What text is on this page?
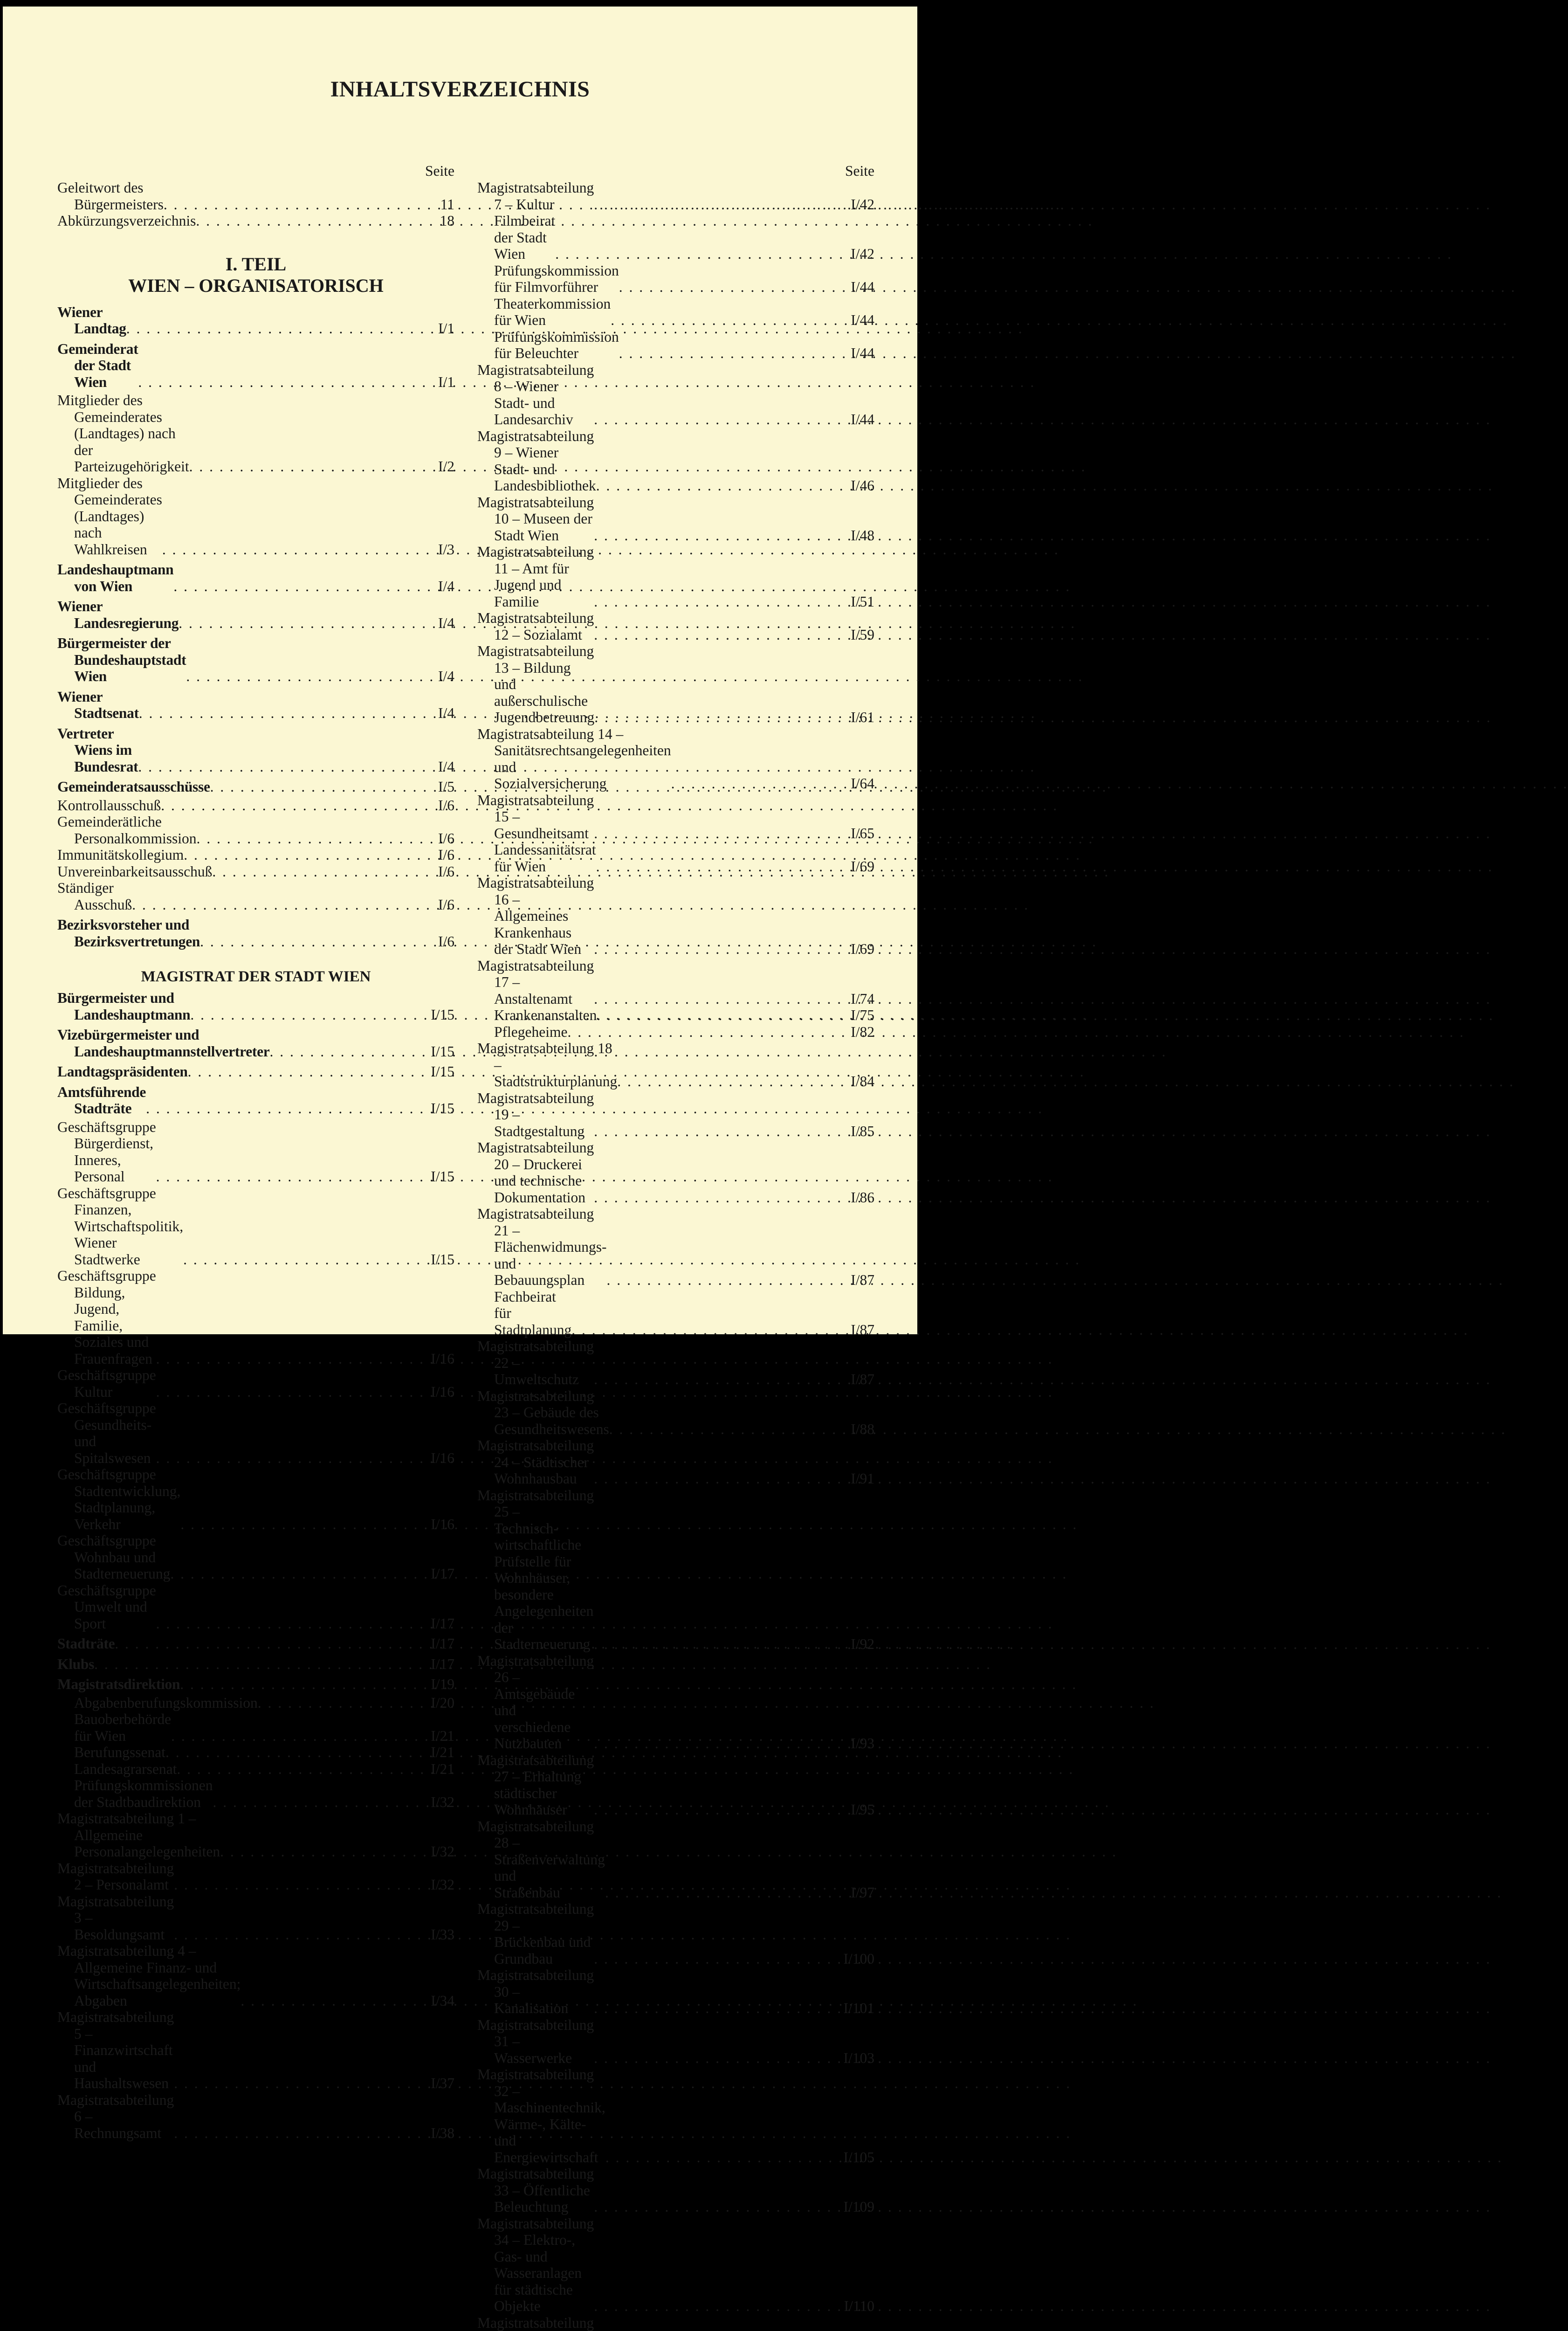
INHALTSVERZEICHNIS
Seite
Geleitwort des Bürgermeisters . . .	11
Abkürzungsverzeichnis . . .	18
I. TEIL
WIEN – ORGANISATORISCH
Wiener Landtag . . .	I/1
Gemeinderat der Stadt Wien . . .	I/1
Mitglieder des Gemeinderates (Landtages) nach
der Parteizugehörigkeit . . .	I/2
Mitglieder des Gemeinderates (Landtages) nach
Wahlkreisen . . .	I/3
Landeshauptmann von Wien . . .	I/4
Wiener Landesregierung . . .	I/4
Bürgermeister der Bundeshauptstadt Wien . . .	I/4
Wiener Stadtsenat . . .	I/4
Vertreter Wiens im Bundesrat . . .	I/4
Gemeinderatsausschüsse . . .	I/5
Kontrollausschuß . . .	I/6
Gemeinderätliche Personalkommission . . .	I/6
Immunitätskollegium . . .	I/6
Unvereinbarkeitsausschuß . . .	I/6
Ständiger Ausschuß . . .	I/6
Bezirksvorsteher und Bezirksvertretungen . . .	I/6
MAGISTRAT DER STADT WIEN
Bürgermeister und Landeshauptmann . . .	I/15
Vizebürgermeister und
Landeshauptmannstellvertreter . . .	I/15
Landtagspräsidenten . . .	I/15
Amtsführende Stadträte . . .	I/15
Geschäftsgruppe Bürgerdienst, Inneres, Personal . . .	I/15
Geschäftsgruppe Finanzen, Wirtschaftspolitik,
Wiener Stadtwerke . . .	I/15
Geschäftsgruppe Bildung, Jugend, Familie,
Soziales und Frauenfragen . . .	I/16
Geschäftsgruppe Kultur . . .	I/16
Geschäftsgruppe Gesundheits- und Spitalswesen . . .	I/16
Geschäftsgruppe Stadtentwicklung, Stadtplanung,
Verkehr . . .	I/16
Geschäftsgruppe Wohnbau und Stadterneuerung . . .	I/17
Geschäftsgruppe Umwelt und Sport . . .	I/17
Stadträte . . .	I/17
Klubs . . .	I/17
Magistratsdirektion . . .	I/19
Abgabenberufungskommission . . .	I/20
Bauoberbehörde für Wien . . .	I/21
Berufungssenat . . .	I/21
Landesagrarsenat . . .	I/21
Prüfungskommissionen der Stadtbaudirektion . . .	I/32
Magistratsabteilung 1 – Allgemeine
Personalangelegenheiten . . .	I/32
Magistratsabteilung 2 – Personalamt . . .	I/32
Magistratsabteilung 3 – Besoldungsamt . . .	I/33
Magistratsabteilung 4 – Allgemeine Finanz- und
Wirtschaftsangelegenheiten; Abgaben . . .	I/34
Magistratsabteilung 5 – Finanzwirtschaft und
Haushaltswesen . . .	I/37
Magistratsabteilung 6 – Rechnungsamt . . .	I/38
Seite
Magistratsabteilung 7 – Kultur . . .	I/42
Filmbeirat der Stadt Wien . . .	I/42
Prüfungskommission für Filmvorführer . . .	I/44
Theaterkommission für Wien . . .	I/44
Prüfungskommission für Beleuchter . . .	I/44
Magistratsabteilung 8 – Wiener Stadt- und
Landesarchiv . . .	I/44
Magistratsabteilung 9 – Wiener Stadt- und
Landesbibliothek . . .	I/46
Magistratsabteilung 10 – Museen der Stadt Wien . . .	I/48
Magistratsabteilung 11 – Amt für Jugend und
Familie . . .	I/51
Magistratsabteilung 12 – Sozialamt . . .	I/59
Magistratsabteilung 13 – Bildung und
außerschulische Jugendbetreuung . . .	I/61
Magistratsabteilung 14 –
Sanitätsrechtsangelegenheiten und
Sozialversicherung . . .	I/64
Magistratsabteilung 15 – Gesundheitsamt . . .	I/65
Landessanitätsrat für Wien . . .	I/69
Magistratsabteilung 16 – Allgemeines
Krankenhaus der Stadt Wien . . .	I/69
Magistratsabteilung 17 – Anstaltenamt . . .	I/74
Krankenanstalten . . .	I/75
Pflegeheime . . .	I/82
Magistratsabteilung 18 – Stadtstrukturplanung . . .	I/84
Magistratsabteilung 19 – Stadtgestaltung . . .	I/85
Magistratsabteilung 20 – Druckerei und technische
Dokumentation . . .	I/86
Magistratsabteilung 21 – Flächenwidmungs- und
Bebauungsplan . . .	I/87
Fachbeirat für Stadtplanung . . .	I/87
Magistratsabteilung 22 – Umweltschutz . . .	I/87
Magistratsabteilung 23 – Gebäude des
Gesundheitswesens . . .	I/88
Magistratsabteilung 24 – Städtischer
Wohnhausbau . . .	I/91
Magistratsabteilung 25 –
Technisch-wirtschaftliche Prüfstelle für
Wohnhäuser, besondere Angelegenheiten
der Stadterneuerung . . .	I/92
Magistratsabteilung 26 – Amtsgebäude und
verschiedene Nutzbauten . . .	I/93
Magistratsabteilung 27 – Erhaltung städtischer
Wohnhäuser . . .	I/95
Magistratsabteilung 28 – Straßenverwaltung und
Straßenbau . . .	I/97
Magistratsabteilung 29 – Brückenbau und
Grundbau . . .	I/100
Magistratsabteilung 30 – Kanalisation . . .	I/101
Magistratsabteilung 31 – Wasserwerke . . .	I/103
Magistratsabteilung 32 – Maschinentechnik,
Wärme-, Kälte- und Energiewirtschaft . . .	I/105
Magistratsabteilung 33 – Öffentliche Beleuchtung . . .	I/109
Magistratsabteilung 34 – Elektro-, Gas- und
Wasseranlagen für städtische Objekte . . .	I/110
Magistratsabteilung
